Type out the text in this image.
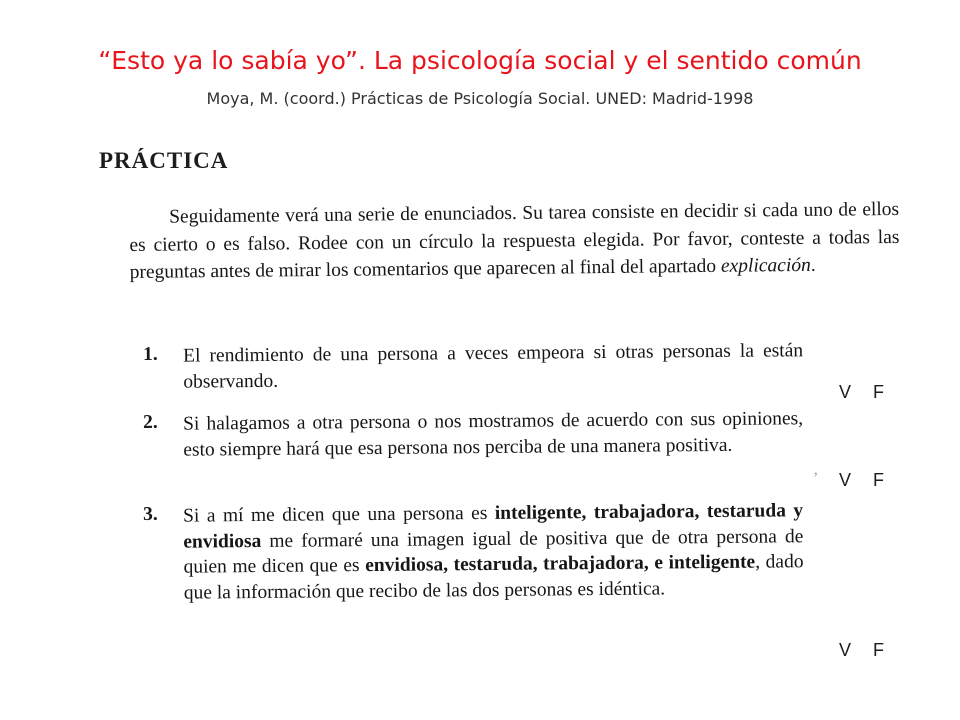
“Esto ya lo sabía yo”. La psicología social y el sentido común
Moya, M. (coord.) Prácticas de Psicología Social. UNED: Madrid-1998
PRÁCTICA
Seguidamente verá una serie de enunciados. Su tarea consiste en decidir si cada uno de ellos es cierto o es falso. Rodee con un círculo la respuesta elegida. Por favor, conteste a todas las preguntas antes de mirar los comentarios que aparecen al final del apartado explicación.
1. El rendimiento de una persona a veces empeora si otras personas la están observando.
2. Si halagamos a otra persona o nos mostramos de acuerdo con sus opiniones, esto siempre hará que esa persona nos perciba de una manera positiva.
3. Si a mí me dicen que una persona es inteligente, trabajadora, testaruda y envidiosa me formaré una imagen igual de positiva que de otra persona de quien me dicen que es envidiosa, testaruda, trabajadora, e inteligente, dado que la información que recibo de las dos personas es idéntica.
V F
V F
V F
ʼ
